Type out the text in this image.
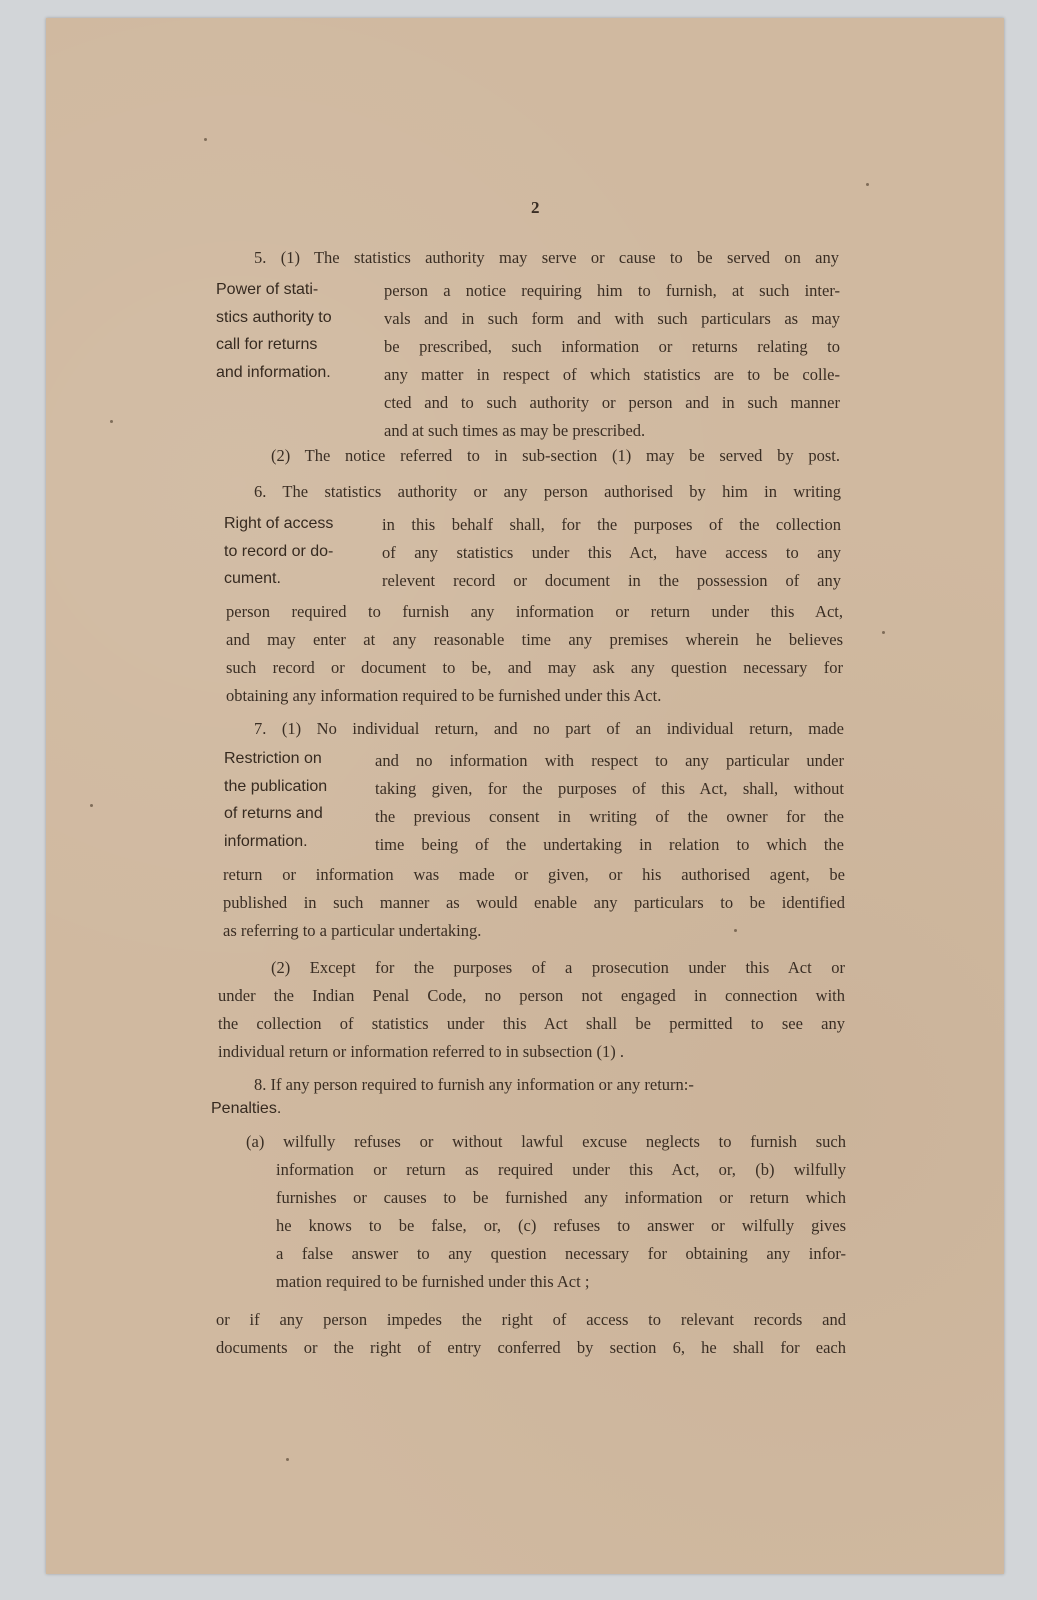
2
5. (1) The statistics authority may serve or cause to be served on any
Power of stati-
stics authority to
call for returns
and information.
person a notice requiring him to furnish, at such inter-
vals and in such form and with such particulars as may
be prescribed, such information or returns relating to
any matter in respect of which statistics are to be colle-
cted and to such authority or person and in such manner
and at such times as may be prescribed.
(2) The notice referred to in sub-section (1) may be served by post.
6. The statistics authority or any person authorised by him in writing
Right of access
to record or do-
cument.
in this behalf shall, for the purposes of the collection
of any statistics under this Act, have access to any
relevent record or document in the possession of any
person required to furnish any information or return under this Act,
and may enter at any reasonable time any premises wherein he believes
such record or document to be, and may ask any question necessary for
obtaining any information required to be furnished under this Act.
7. (1) No individual return, and no part of an individual return, made
Restriction on
the publication
of returns and
information.
and no information with respect to any particular under
taking given, for the purposes of this Act, shall, without
the previous consent in writing of the owner for the
time being of the undertaking in relation to which the
return or information was made or given, or his authorised agent, be
published in such manner as would enable any particulars to be identified
as referring to a particular undertaking.
(2) Except for the purposes of a prosecution under this Act or
under the Indian Penal Code, no person not engaged in connection with
the collection of statistics under this Act shall be permitted to see any
individual return or information referred to in subsection (1) .
8. If any person required to furnish any information or any return:-
Penalties.
(a) wilfully refuses or without lawful excuse neglects to furnish such
information or return as required under this Act, or, (b) wilfully
furnishes or causes to be furnished any information or return which
he knows to be false, or, (c) refuses to answer or wilfully gives
a false answer to any question necessary for obtaining any infor-
mation required to be furnished under this Act ;
or if any person impedes the right of access to relevant records and
documents or the right of entry conferred by section 6, he shall for each
